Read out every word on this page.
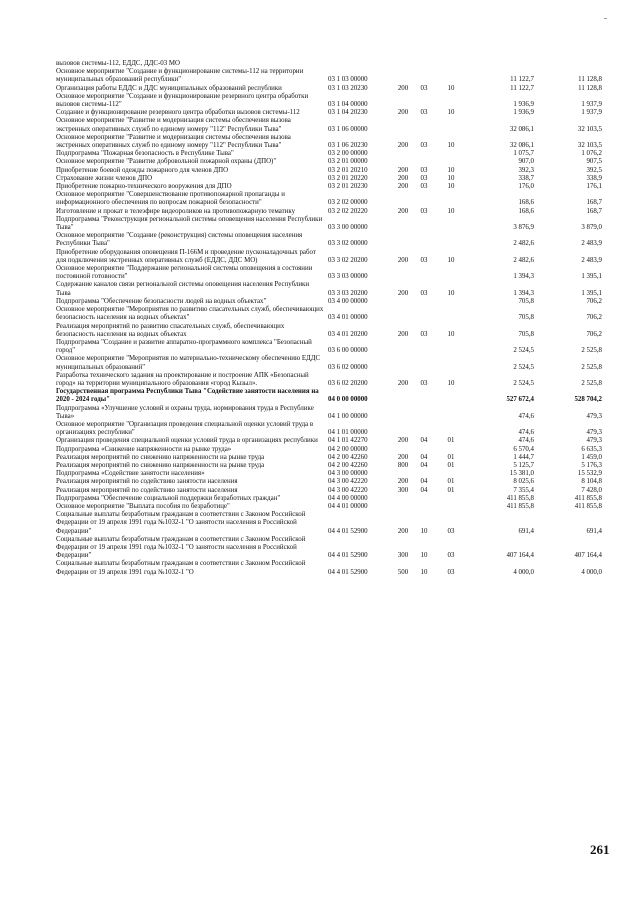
вызовов системы-112, ЕДДС, ДДС-03 МО
Основное мероприятие "Создание и функционирование системы-112 на территории муниципальных образований республики"	03 1 03 00000	11 122,7	11 128,8
Организация работы ЕДДС и ДДС муниципальных образований республики	03 1 03 20230	200	03	10	11 122,7	11 128,8
Основное мероприятие "Создание и функционирование резервного центра обработки вызовов системы-112"	03 1 04 00000	1 936,9	1 937,9
Создание и функционирование резервного центра обработки вызовов системы-112	03 1 04 20230	200	03	10	1 936,9	1 937,9
Основное мероприятие "Развитие и модернизация системы обеспечения вызова экстренных оперативных служб по единому номеру "112" Республики Тыва"	03 1 06 00000	32 086,1	32 103,5
Основное мероприятие "Развитие и модернизация системы обеспечения вызова экстренных оперативных служб по единому номеру "112" Республики Тыва"	03 1 06 20230	200	03	10	32 086,1	32 103,5
Подпрограмма "Пожарная безопасность в Республике Тыва"	03 2 00 00000	1 075,7	1 076,2
Основное мероприятие "Развитие добровольной пожарной охраны (ДПО)"	03 2 01 00000	907,0	907,5
Приобретение боевой одежды пожарного для членов ДПО	03 2 01 20210	200	03	10	392,3	392,5
Страхование жизни членов ДПО	03 2 01 20220	200	03	10	338,7	338,9
Приобретение пожарно-технического вооружения для ДПО	03 2 01 20230	200	03	10	176,0	176,1
Основное мероприятие "Совершенствование противопожарной пропаганды и информационного обеспечения по вопросам пожарной безопасности"	03 2 02 00000	168,6	168,7
Изготовление и прокат в телеэфире видеороликов на противопожарную тематику	03 2 02 20220	200	03	10	168,6	168,7
Подпрограмма "Реконструкция региональной системы оповещения населения Республики Тыва"	03 3 00 00000	3 876,9	3 879,0
Основное мероприятие "Создание (реконструкция) системы оповещения населения Республики Тыва"	03 3 02 00000	2 482,6	2 483,9
Приобретение оборудования оповещения П-166М и проведение пусконаладочных работ для подключения экстренных оперативных служб (ЕДДС, ДДС МО)	03 3 02 20200	200	03	10	2 482,6	2 483,9
Основное мероприятие "Поддержание региональной системы оповещения в состоянии постоянной готовности"	03 3 03 00000	1 394,3	1 395,1
Содержание каналов связи региональной системы оповещения населения Республики Тыва	03 3 03 20200	200	03	10	1 394,3	1 395,1
Подпрограмма "Обеспечение безопасности людей на водных объектах"	03 4 00 00000	705,8	706,2
Основное мероприятие "Мероприятия по развитию спасательных служб, обеспечивающих безопасность населения на водных объектах"	03 4 01 00000	705,8	706,2
Реализация мероприятий по развитию спасательных служб, обеспечивающих безопасность населения на водных объектах	03 4 01 20200	200	03	10	705,8	706,2
Подпрограмма "Создание и развитие аппаратно-программного комплекса "Безопасный город"	03 6 00 00000	2 524,5	2 525,8
Основное мероприятие "Мероприятия по материально-техническому обеспечению ЕДДС муниципальных образований"	03 6 02 00000	2 524,5	2 525,8
Разработка технического задания на проектирование и построение АПК «Безопасный город» на территории муниципального образования «город Кызыл».	03 6 02 20200	200	03	10	2 524,5	2 525,8
Государственная программа Республики Тыва "Содействие занятости населения на 2020 - 2024 годы"	04 0 00 00000	527 672,4	528 704,2
Подпрограмма «Улучшение условий и охраны труда, нормирования труда в Республике Тыва»	04 1 00 00000	474,6	479,3
Основное мероприятие "Организация проведения специальной оценки условий труда в организациях республики"	04 1 01 00000	474,6	479,3
Организация проведения специальной оценки условий труда в организациях республики	04 1 01 42270	200	04	01	474,6	479,3
Подпрограмма «Снижение напряженности на рынке труда»	04 2 00 00000	6 570,4	6 635,3
Реализация мероприятий по снижению напряженности на рынке труда	04 2 00 42260	200	04	01	1 444,7	1 459,0
Реализация мероприятий по снижению напряженности на рынке труда	04 2 00 42260	800	04	01	5 125,7	5 176,3
Подпрограмма «Содействие занятости населения»	04 3 00 00000	15 381,0	15 532,9
Реализация мероприятий по содействию занятости населения	04 3 00 42220	200	04	01	8 025,6	8 104,8
Реализация мероприятий по содействию занятости населения	04 3 00 42220	300	04	01	7 355,4	7 428,0
Подпрограмма "Обеспечение социальной поддержки безработных граждан"	04 4 00 00000	411 855,8	411 855,8
Основное мероприятие "Выплата пособия по безработице"	04 4 01 00000	411 855,8	411 855,8
Социальные выплаты безработным гражданам в соответствии с Законом Российской Федерации от 19 апреля 1991 года №1032-1 "О занятости населения в Российской Федерации"	04 4 01 52900	200	10	03	691,4	691,4
Социальные выплаты безработным гражданам в соответствии с Законом Российской Федерации от 19 апреля 1991 года №1032-1 "О занятости населения в Российской Федерации"	04 4 01 52900	300	10	03	407 164,4	407 164,4
Социальные выплаты безработным гражданам в соответствии с Законом Российской Федерации от 19 апреля 1991 года №1032-1 "О	04 4 01 52900	500	10	03	4 000,0	4 000,0
261
